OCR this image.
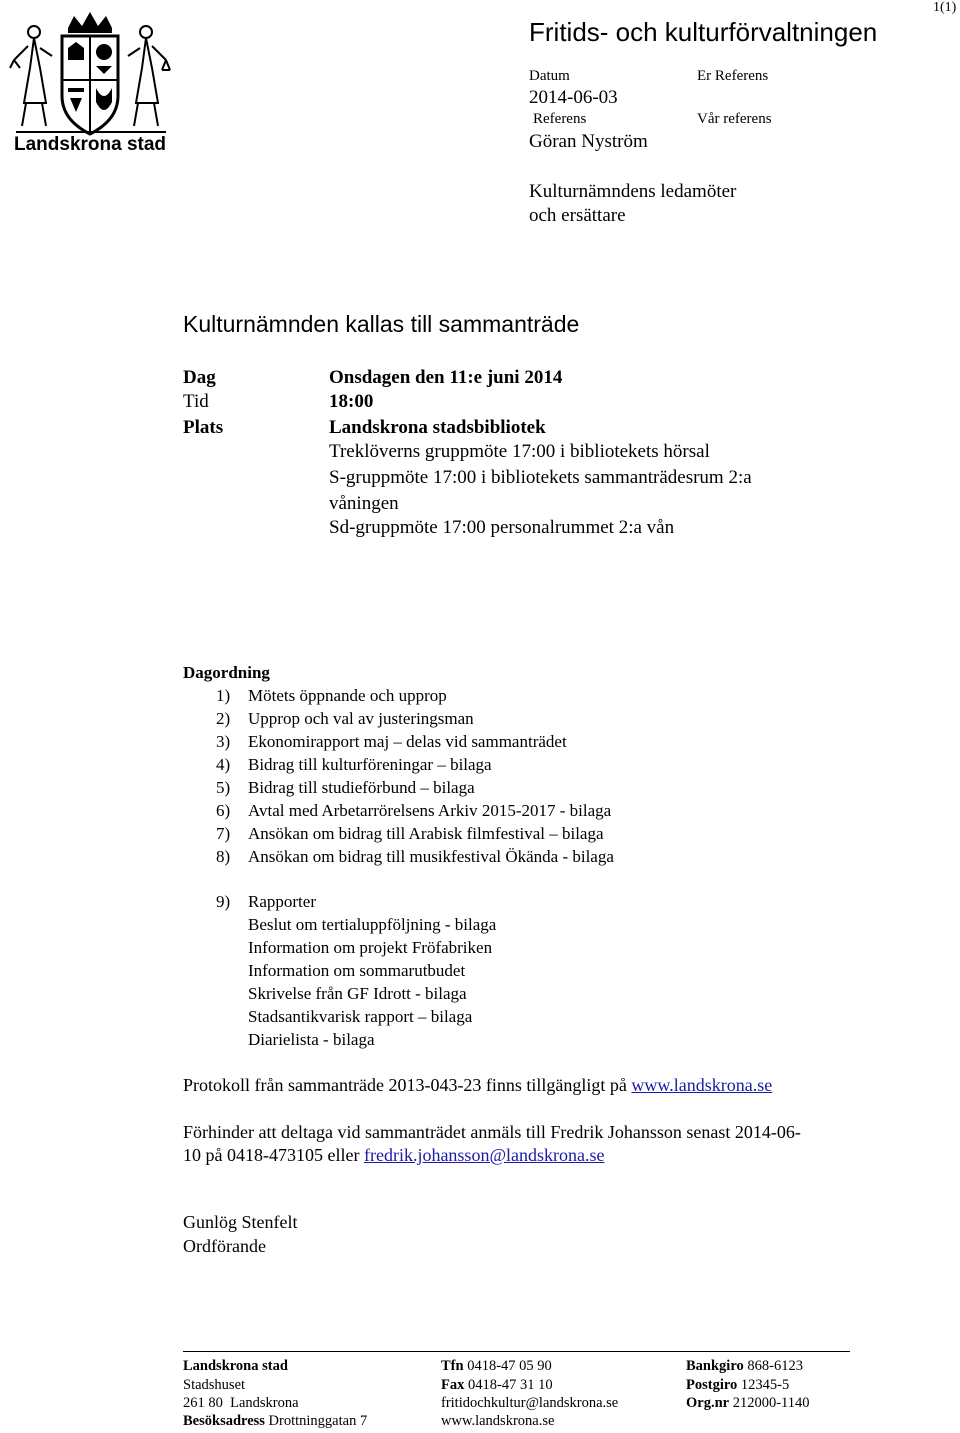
1(1)
Landskrona stad
Fritids- och kulturförvaltningen
Datum	Er Referens
2014-06-03
Referens	Vår referens
Göran Nyström
Kulturnämndens ledamöter
och ersättare
Kulturnämnden kallas till sammanträde
Dag	Onsdagen den 11:e juni 2014
Tid	18:00
Plats	Landskrona stadsbibliotek
Treklöverns gruppmöte 17:00 i bibliotekets hörsal
S-gruppmöte 17:00 i bibliotekets sammanträdesrum 2:a
våningen
Sd-gruppmöte 17:00 personalrummet 2:a vån
Dagordning
1) Mötets öppnande och upprop
2) Upprop och val av justeringsman
3) Ekonomirapport maj – delas vid sammanträdet
4) Bidrag till kulturföreningar – bilaga
5) Bidrag till studieförbund – bilaga
6) Avtal med Arbetarrörelsens Arkiv 2015-2017 - bilaga
7) Ansökan om bidrag till Arabisk filmfestival – bilaga
8) Ansökan om bidrag till musikfestival Ökända - bilaga
9) Rapporter
Beslut om tertialuppföljning - bilaga
Information om projekt Fröfabriken
Information om sommarutbudet
Skrivelse från GF Idrott - bilaga
Stadsantikvarisk rapport – bilaga
Diarielista - bilaga
Protokoll från sammanträde 2013-043-23 finns tillgängligt på www.landskrona.se
Förhinder att deltaga vid sammanträdet anmäls till Fredrik Johansson senast 2014-06-
10 på 0418-473105 eller fredrik.johansson@landskrona.se
Gunlög Stenfelt
Ordförande
Landskrona stad
Stadshuset
261 80  Landskrona
Besöksadress Drottninggatan 7
Tfn 0418-47 05 90
Fax 0418-47 31 10
fritidochkultur@landskrona.se
www.landskrona.se
Bankgiro 868-6123
Postgiro 12345-5
Org.nr 212000-1140
